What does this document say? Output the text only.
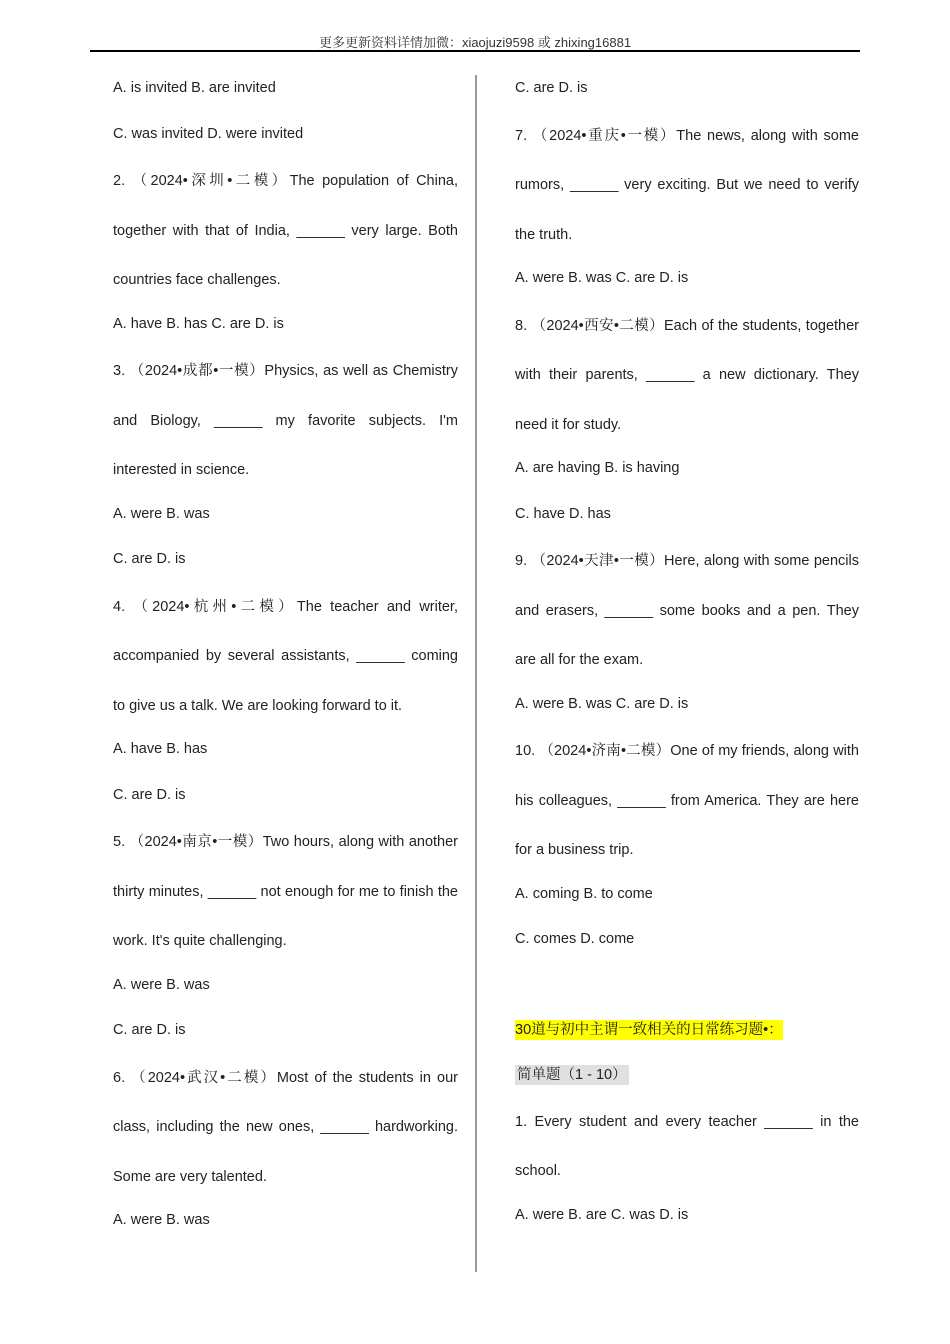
更多更新资料详情加微：xiaojuzi9598 或 zhixing16881

A. is invited B. are invited

C. was invited D. were invited

2. （2024•深圳•二模）The population of China, together with that of India, ______ very large. Both countries face challenges.

A. have B. has C. are D. is

3. （2024•成都•一模）Physics, as well as Chemistry and Biology, ______ my favorite subjects. I'm interested in science.

A. were B. was

C. are D. is

4. （2024•杭州•二模）The teacher and writer, accompanied by several assistants, ______ coming to give us a talk. We are looking forward to it.

A. have B. has

C. are D. is

5. （2024•南京•一模）Two hours, along with another thirty minutes, ______ not enough for me to finish the work. It's quite challenging.

A. were B. was

C. are D. is

6. （2024•武汉•二模）Most of the students in our class, including the new ones, ______ hardworking. Some are very talented.

A. were B. was

C. are D. is

7. （2024•重庆•一模）The news, along with some rumors, ______ very exciting. But we need to verify the truth.

A. were B. was C. are D. is

8. （2024•西安•二模）Each of the students, together with their parents, ______ a new dictionary. They need it for study.

A. are having B. is having

C. have D. has

9. （2024•天津•一模）Here, along with some pencils and erasers, ______ some books and a pen. They are all for the exam.

A. were B. was C. are D. is

10. （2024•济南•二模）One of my friends, along with his colleagues, ______ from America. They are here for a business trip.

A. coming B. to come

C. comes D. come

30道与初中主谓一致相关的日常练习题•：

简单题（1 - 10）

1. Every student and every teacher ______ in the school.

A. were B. are C. was D. is
